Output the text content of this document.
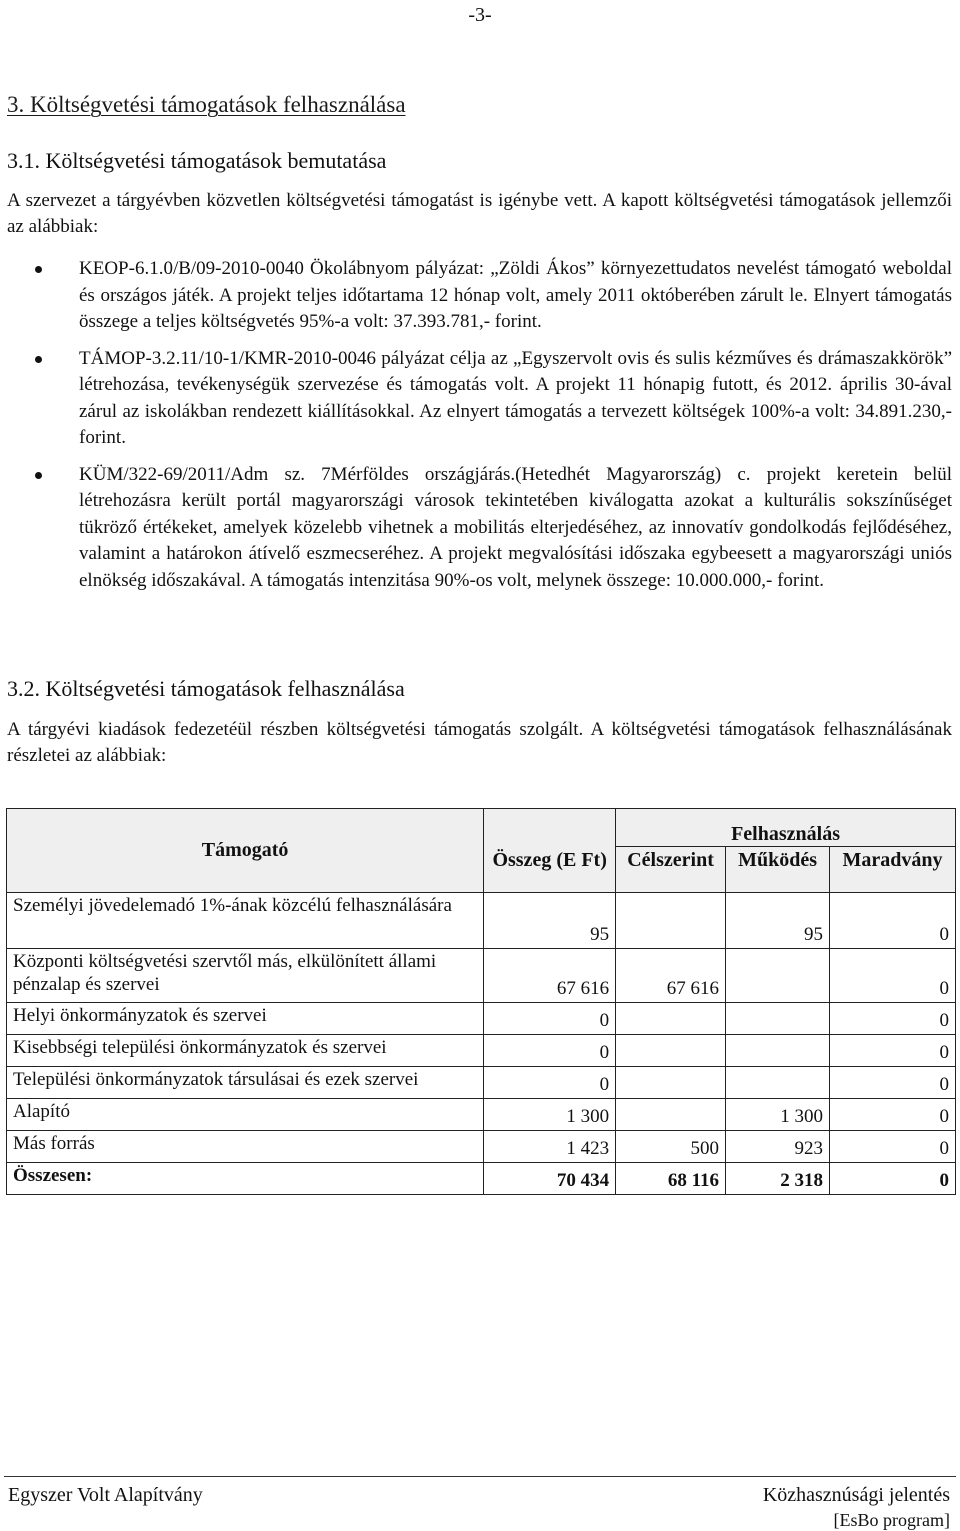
-3-
3. Költségvetési támogatások felhasználása
3.1. Költségvetési támogatások bemutatása
A szervezet a tárgyévben közvetlen költségvetési támogatást is igénybe vett. A kapott költségvetési támogatások jellemzői az alábbiak:
KEOP-6.1.0/B/09-2010-0040 Ökolábnyom pályázat: „Zöldi Ákos” környezettudatos nevelést támogató weboldal és országos játék. A projekt teljes időtartama 12 hónap volt, amely 2011 októberében zárult le. Elnyert támogatás összege a teljes költségvetés 95%-a volt: 37.393.781,- forint.
TÁMOP-3.2.11/10-1/KMR-2010-0046 pályázat célja az „Egyszervolt ovis és sulis kézműves és drámaszakkörök” létrehozása, tevékenységük szervezése és támogatás volt. A projekt 11 hónapig futott, és 2012. április 30-ával zárul az iskolákban rendezett kiállításokkal. Az elnyert támogatás a tervezett költségek 100%-a volt: 34.891.230,- forint.
KÜM/322-69/2011/Adm sz. 7Mérföldes országjárás.(Hetedhét Magyarország) c. projekt keretein belül létrehozásra került portál magyarországi városok tekintetében kiválogatta azokat a kulturális sokszínűséget tükröző értékeket, amelyek közelebb vihetnek a mobilitás elterjedéséhez, az innovatív gondolkodás fejlődéséhez, valamint a határokon átívelő eszmecseréhez. A projekt megvalósítási időszaka egybeesett a magyarországi uniós elnökség időszakával. A támogatás intenzitása 90%-os volt, melynek összege: 10.000.000,- forint.
3.2. Költségvetési támogatások felhasználása
A tárgyévi kiadások fedezetéül részben költségvetési támogatás szolgált. A költségvetési támogatások felhasználásának részletei az alábbiak:
Támogató	Összeg (E Ft)	Felhasználás		
		Célszerint	Működés	Maradvány
Személyi jövedelemadó 1%-ának közcélú felhasználására	95		95	0
Központi költségvetési szervtől más, elkülönített állami pénzalap és szervei	67 616	67 616		0
Helyi önkormányzatok és szervei	0			0
Kisebbségi települési önkormányzatok és szervei	0			0
Települési önkormányzatok társulásai és ezek szervei	0			0
Alapító	1 300		1 300	0
Más forrás	1 423	500	923	0
Összesen:	70 434	68 116	2 318	0
Egyszer Volt Alapítvány	Közhasznúsági jelentés
[EsBo program]
